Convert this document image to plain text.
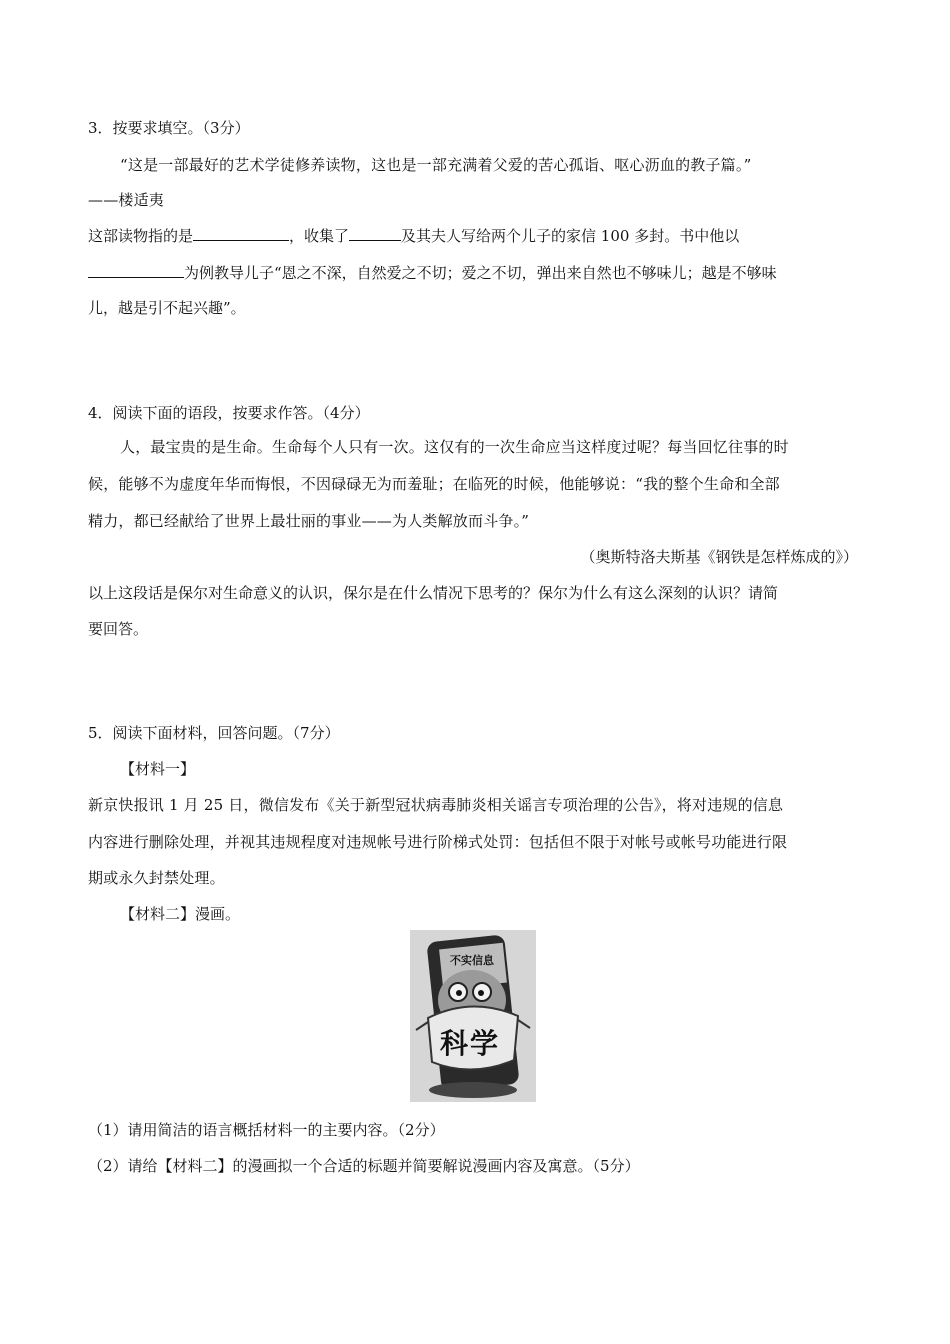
3．按要求填空。（3分）
“这是一部最好的艺术学徒修养读物，这也是一部充满着父爱的苦心孤诣、呕心沥血的教子篇。”
——楼适夷
这部读物指的是	，收集了	及其夫人写给两个儿子的家信 100 多封。书中他以
为例教导儿子“恩之不深，自然爱之不切；爱之不切，弹出来自然也不够味儿；越是不够味
儿，越是引不起兴趣”。
4．阅读下面的语段，按要求作答。（4分）
人，最宝贵的是生命。生命每个人只有一次。这仅有的一次生命应当这样度过呢？每当回忆往事的时
候，能够不为虚度年华而悔恨，不因碌碌无为而羞耻；在临死的时候，他能够说：“我的整个生命和全部
精力，都已经献给了世界上最壮丽的事业——为人类解放而斗争。”
（奥斯特洛夫斯基《钢铁是怎样炼成的》）
以上这段话是保尔对生命意义的认识，保尔是在什么情况下思考的？保尔为什么有这么深刻的认识？请简
要回答。
5．阅读下面材料，回答问题。（7分）
【材料一】
新京快报讯 1 月 25 日，微信发布《关于新型冠状病毒肺炎相关谣言专项治理的公告》，将对违规的信息
内容进行删除处理，并视其违规程度对违规帐号进行阶梯式处罚：包括但不限于对帐号或帐号功能进行限
期或永久封禁处理。
【材料二】漫画。
不实信息
科学
（1）请用简洁的语言概括材料一的主要内容。（2分）
（2）请给【材料二】的漫画拟一个合适的标题并简要解说漫画内容及寓意。（5分）
